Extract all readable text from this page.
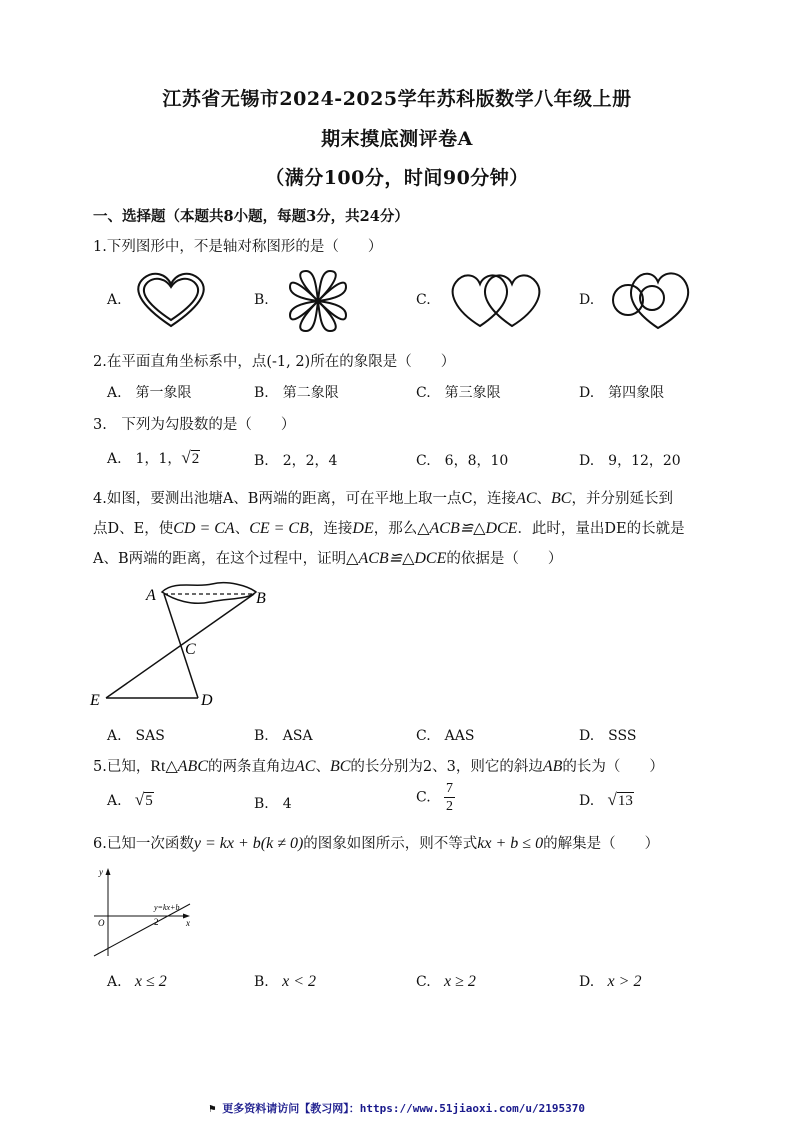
江苏省无锡市2024-2025学年苏科版数学八年级上册
期末摸底测评卷A
（满分100分，时间90分钟）
一、选择题（本题共8小题，每题3分，共24分）
1.下列图形中，不是轴对称图形的是（　　）
A.	B.	C.	D.
2.在平面直角坐标系中，点(-1, 2)所在的象限是（　　）
A.　第一象限	B.　第二象限	C.　第三象限	D.　第四象限
3.　下列为勾股数的是（　　）
A.　1，1，√2	B.　2，2，4	C.　6，8，10	D.　9，12，20
4.如图，要测出池塘A、B两端的距离，可在平地上取一点C，连接AC、BC，并分别延长到
点D、E，使CD = CA、CE = CB，连接DE，那么△ACB≌△DCE．此时，量出DE的长就是
A、B两端的距离，在这个过程中，证明△ACB≌△DCE的依据是（　　）
A	B
C
D
E
A.　SAS	B.　ASA	C.　AAS	D.　SSS
5.已知，Rt△ABC的两条直角边AC、BC的长分别为2、3，则它的斜边AB的长为（　　）
A. √5	B.　4	C. $\frac{7}{2}$	D. √13
6.已知一次函数y = kx + b(k ≠ 0)的图象如图所示，则不等式kx + b ≤ 0的解集是（　　）
y
x
O	2
y=kx+b
A. x ≤ 2	B. x < 2	C. x ≥ 2	D. x > 2
⚑ 更多资料请访问【教习网】：https://www.51jiaoxi.com/u/2195370
